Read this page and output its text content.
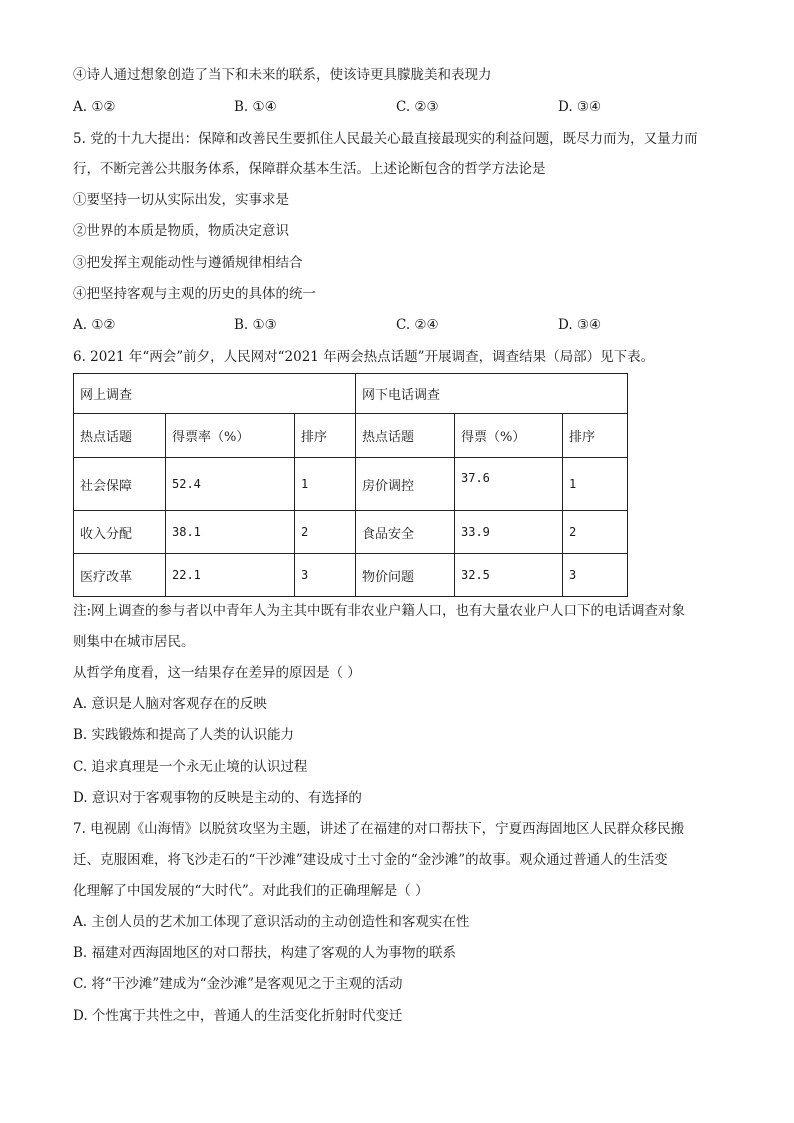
④诗人通过想象创造了当下和未来的联系，使该诗更具朦胧美和表现力
A. ①②	B. ①④	C. ②③	D. ③④
5. 党的十九大提出：保障和改善民生要抓住人民最关心最直接最现实的利益问题，既尽力而为，又量力而
行，不断完善公共服务体系，保障群众基本生活。上述论断包含的哲学方法论是
①要坚持一切从实际出发，实事求是
②世界的本质是物质，物质决定意识
③把发挥主观能动性与遵循规律相结合
④把坚持客观与主观的历史的具体的统一
A. ①②	B. ①③	C. ②④	D. ③④
6. 2021 年“两会”前夕，人民网对“2021 年两会热点话题”开展调查，调查结果（局部）见下表。
网上调查			网下电话调查		
热点话题	得票率（%）	排序	热点话题	得票（%）	排序
社会保障	52.4	1	房价调控	37.6	1
收入分配	38.1	2	食品安全	33.9	2
医疗改革	22.1	3	物价问题	32.5	3
注:网上调查的参与者以中青年人为主其中既有非农业户籍人口，也有大量农业户人口下的电话调查对象
则集中在城市居民。
从哲学角度看，这一结果存在差异的原因是（ ）
A. 意识是人脑对客观存在的反映
B. 实践锻炼和提高了人类的认识能力
C. 追求真理是一个永无止境的认识过程
D. 意识对于客观事物的反映是主动的、有选择的
7. 电视剧《山海情》以脱贫攻坚为主题，讲述了在福建的对口帮扶下，宁夏西海固地区人民群众移民搬
迁、克服困难，将飞沙走石的“干沙滩”建设成寸土寸金的“金沙滩”的故事。观众通过普通人的生活变
化理解了中国发展的“大时代”。对此我们的正确理解是（ ）
A. 主创人员的艺术加工体现了意识活动的主动创造性和客观实在性
B. 福建对西海固地区的对口帮扶，构建了客观的人为事物的联系
C. 将“干沙滩”建成为“金沙滩”是客观见之于主观的活动
D. 个性寓于共性之中，普通人的生活变化折射时代变迁
